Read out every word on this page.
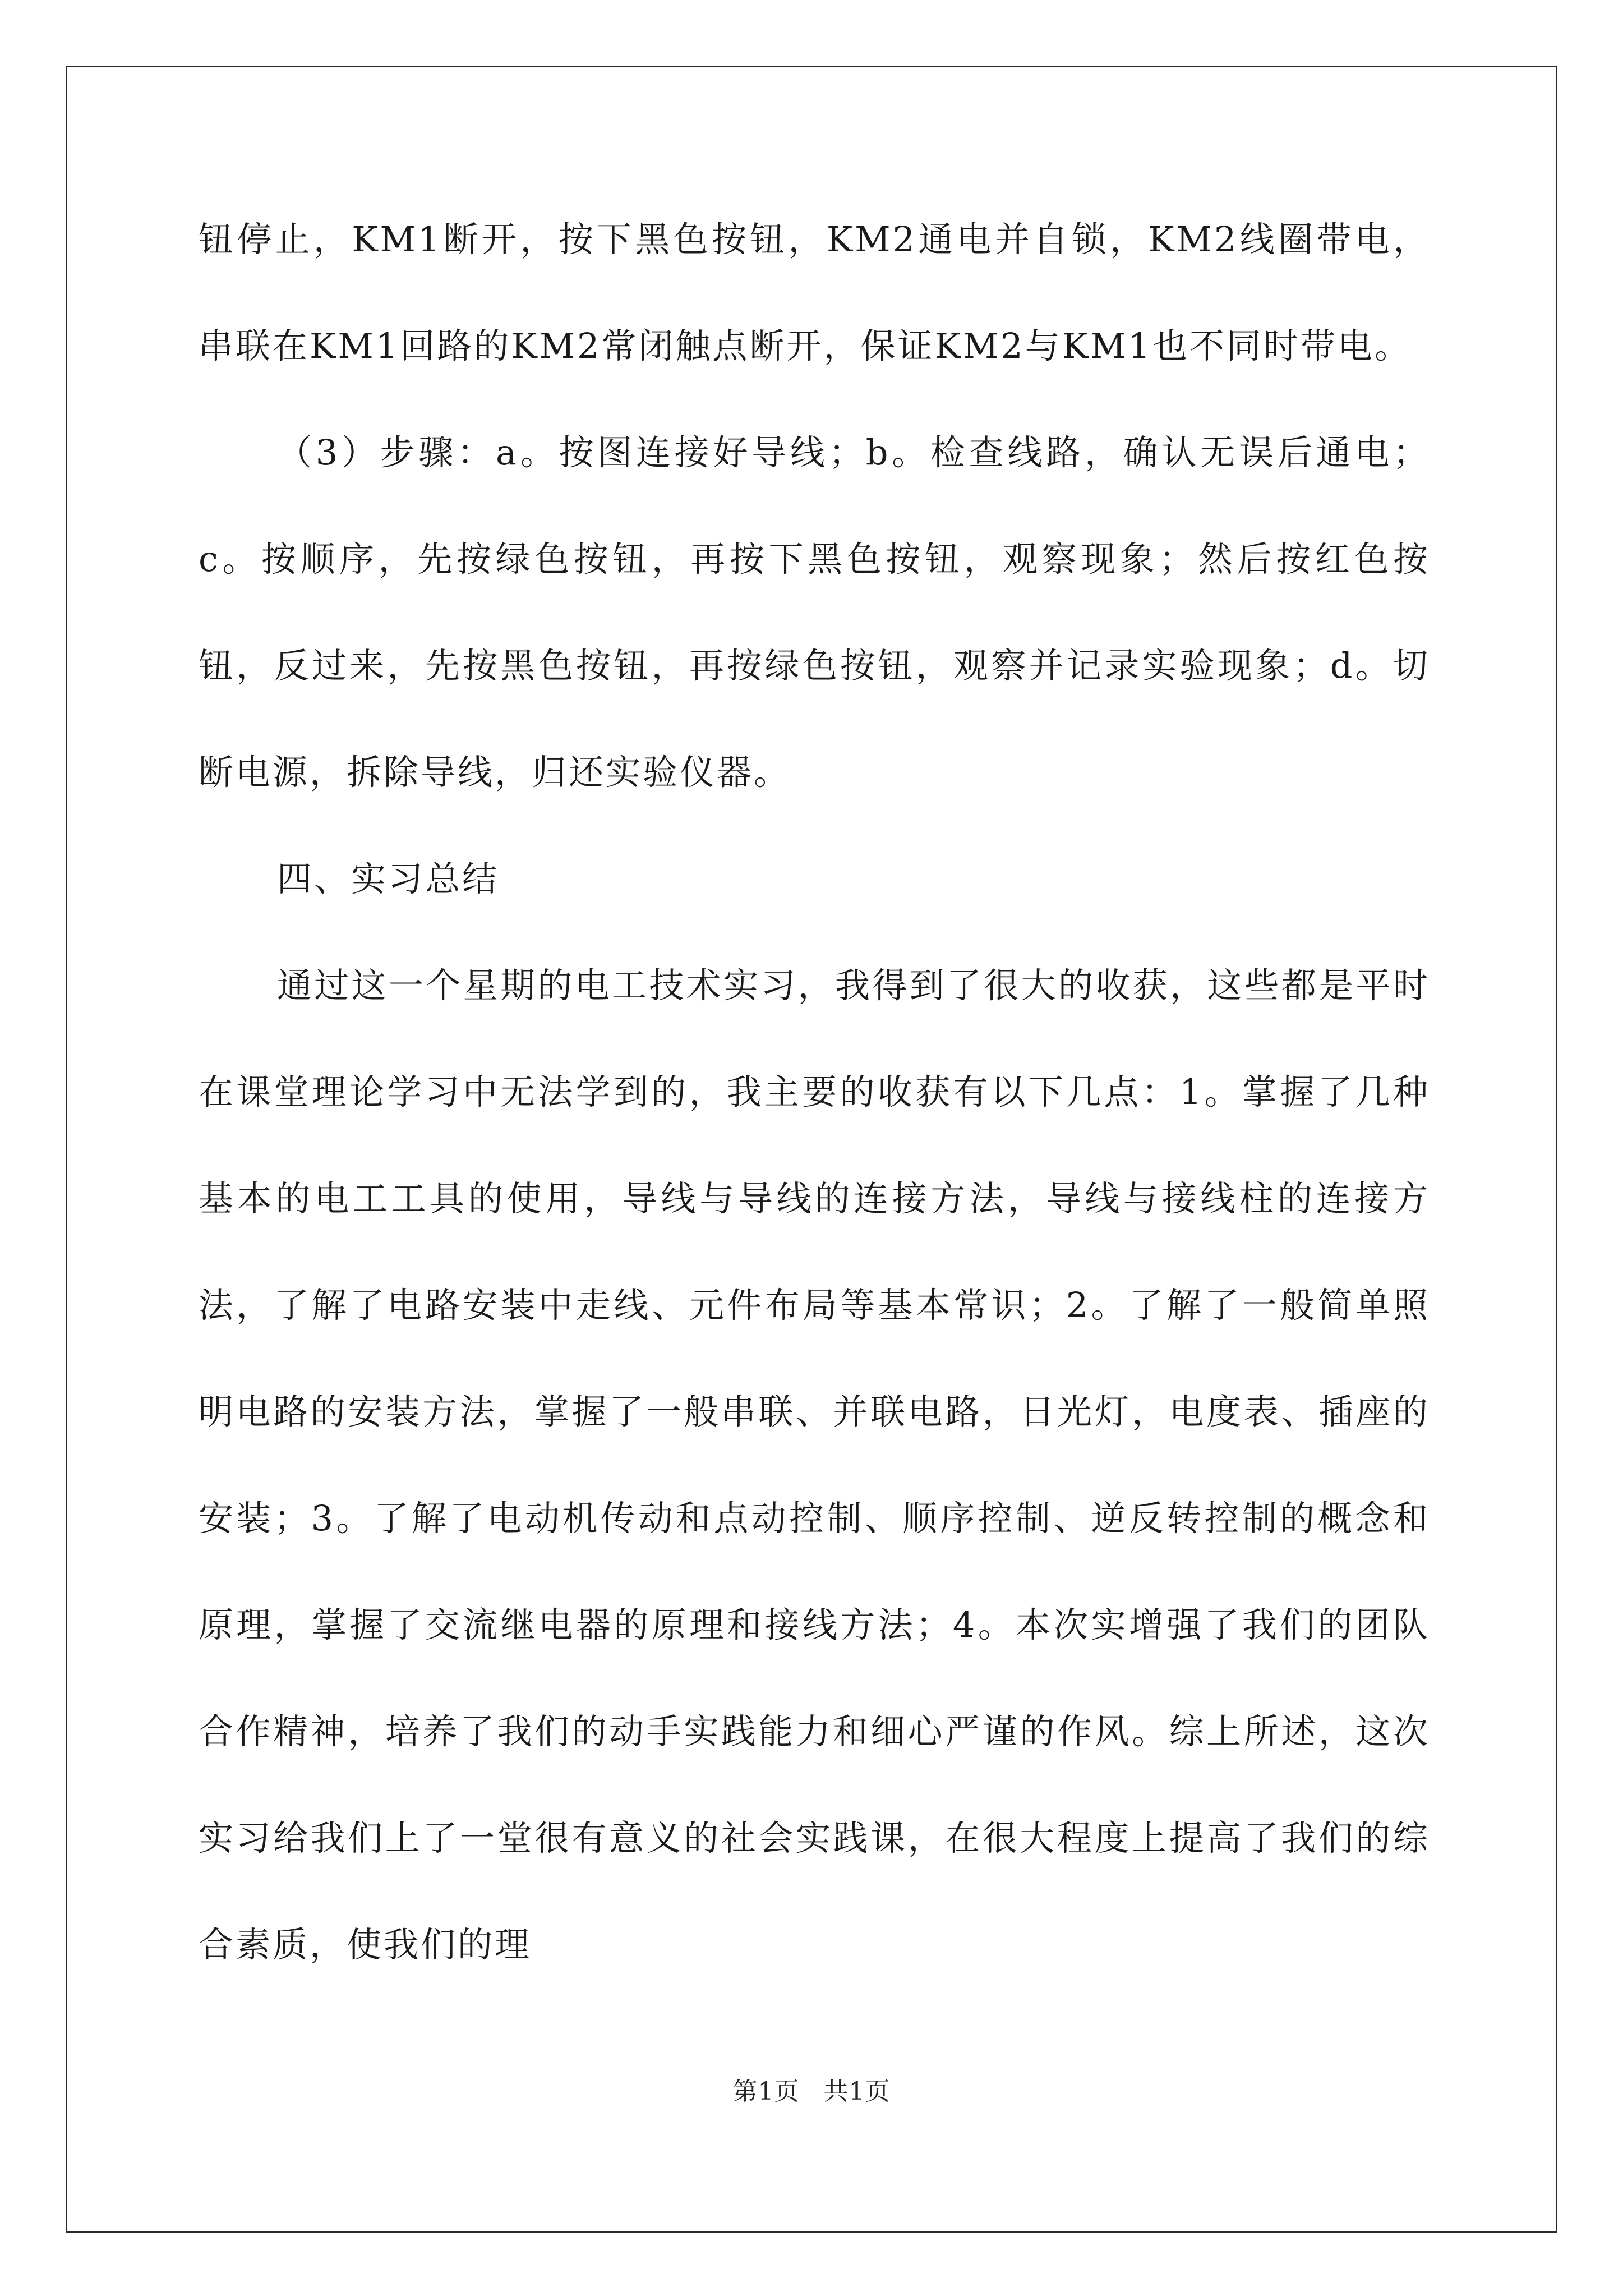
钮停止，KM1断开，按下黑色按钮，KM2通电并自锁，KM2线圈带电，串联在KM1回路的KM2常闭触点断开，保证KM2与KM1也不同时带电。

（3）步骤：a。按图连接好导线；b。检查线路，确认无误后通电；c。按顺序，先按绿色按钮，再按下黑色按钮，观察现象；然后按红色按钮，反过来，先按黑色按钮，再按绿色按钮，观察并记录实验现象；d。切断电源，拆除导线，归还实验仪器。

四、实习总结

通过这一个星期的电工技术实习，我得到了很大的收获，这些都是平时在课堂理论学习中无法学到的，我主要的收获有以下几点：1。掌握了几种基本的电工工具的使用，导线与导线的连接方法，导线与接线柱的连接方法，了解了电路安装中走线、元件布局等基本常识；2。了解了一般简单照明电路的安装方法，掌握了一般串联、并联电路，日光灯，电度表、插座的安装；3。了解了电动机传动和点动控制、顺序控制、逆反转控制的概念和原理，掌握了交流继电器的原理和接线方法；4。本次实增强了我们的团队合作精神，培养了我们的动手实践能力和细心严谨的作风。综上所述，这次实习给我们上了一堂很有意义的社会实践课，在很大程度上提高了我们的综合素质，使我们的理

第1页 共1页
